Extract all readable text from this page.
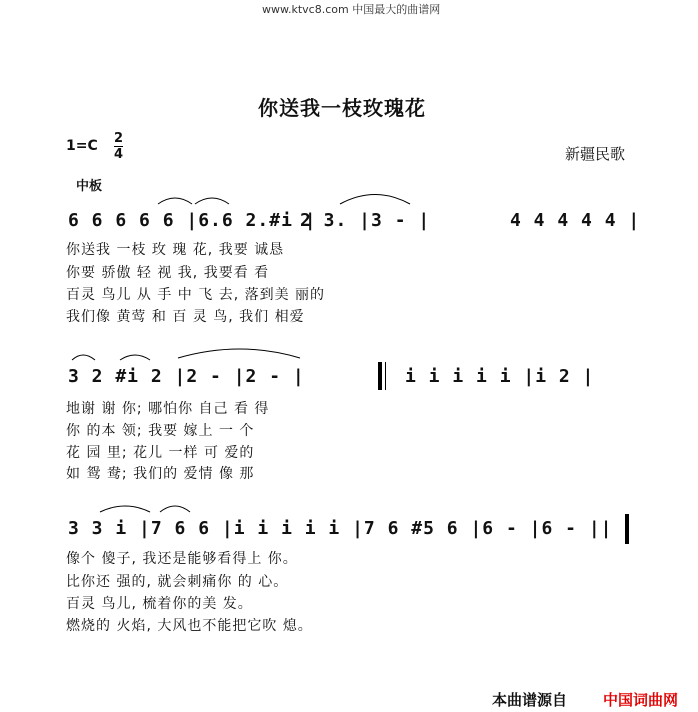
www.ktvc8.com 中国最大的曲谱网
你送我一枝玫瑰花
$1=C \frac{2}{4}$	新疆民歌
中板
6 6 6 6 6 |6.6 2.#i |
2 3. |3 - |	4 4 4 4 4 |
你送我 一枝 玫 瑰 花, 我要 诚恳
你要 骄傲 轻 视 我, 我要看 看
百灵 鸟儿 从 手 中 飞 去, 落到美 丽的
我们像 黄莺 和 百 灵 鸟, 我们 相爱
3 2 #i 2 |2 - |2 - |	i i i i i |i 2 |
地谢 谢 你; 哪怕你 自己 看 得
你 的本 领; 我要 嫁上 一 个
花 园 里; 花儿 一样 可 爱的
如 鸳 鸯; 我们的 爱情 像 那
3 3 i |7 6 6 |i i i i i |7 6 #5 6 |6 - |6 - ||
像个 傻子, 我还是能够看得上 你。
比你还 强的, 就会刺痛你 的 心。
百灵 鸟儿, 梳着你的美 发。
燃烧的 火焰, 大风也不能把它吹 熄。
本曲谱源自 中国词曲网
